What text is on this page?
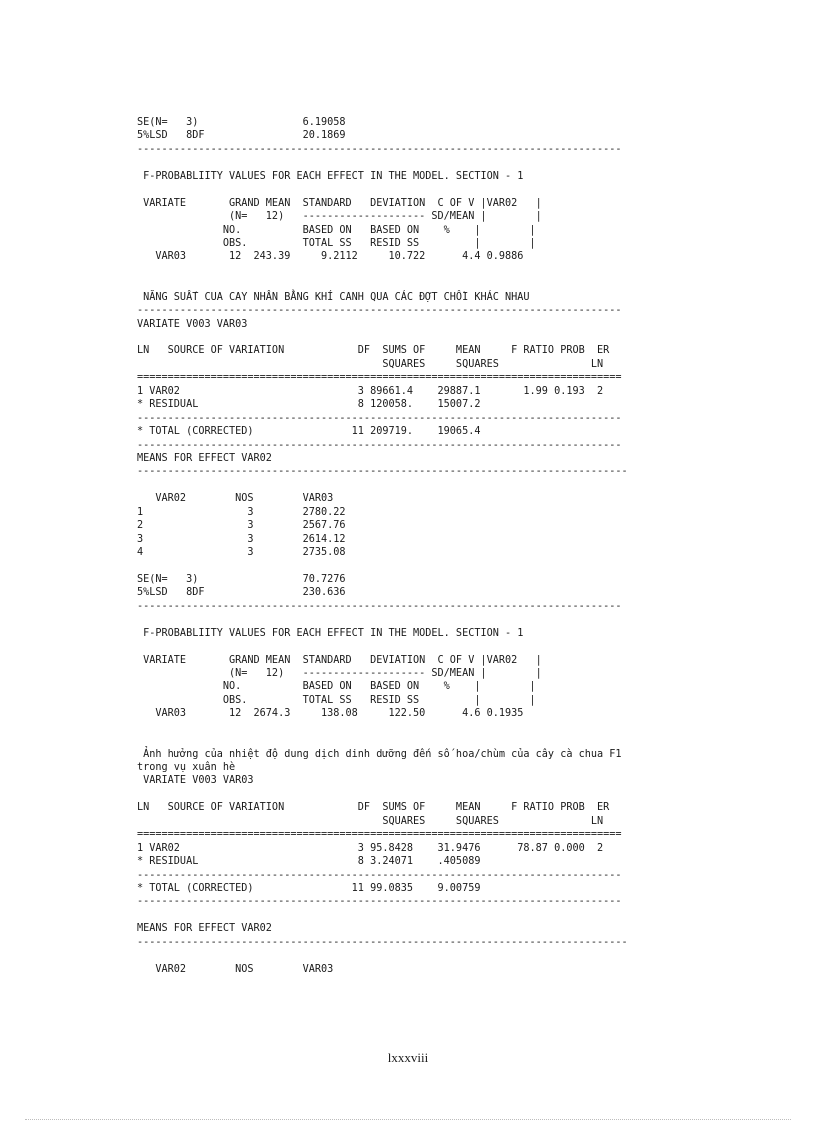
SE(N=   3)                 6.19058
5%LSD   8DF                20.1869
-------------------------------------------------------------------------------

F-PROBABLIITY VALUES FOR EACH EFFECT IN THE MODEL. SECTION - 1

VARIATE       GRAND MEAN  STANDARD   DEVIATION  C OF V |VAR02   |
(N=   12)   -------------------- SD/MEAN |        |
NO.          BASED ON   BASED ON    %    |        |
OBS.         TOTAL SS   RESID SS         |        |
VAR03       12  243.39     9.2112     10.722      4.4 0.9886

NĂNG SUẤT CUA CAY NHÂN BẰNG KHÍ CANH QUA CÁC ĐỢT CHỒI KHÁC NHAU
-------------------------------------------------------------------------------
VARIATE V003 VAR03

LN   SOURCE OF VARIATION            DF  SUMS OF     MEAN     F RATIO PROB  ER
SQUARES     SQUARES               LN
===============================================================================
1 VAR02                             3 89661.4    29887.1       1.99 0.193  2
* RESIDUAL                          8 120058.    15007.2
-------------------------------------------------------------------------------
* TOTAL (CORRECTED)                11 209719.    19065.4
-------------------------------------------------------------------------------
MEANS FOR EFFECT VAR02
--------------------------------------------------------------------------------

VAR02        NOS        VAR03
1                 3        2780.22
2                 3        2567.76
3                 3        2614.12
4                 3        2735.08

SE(N=   3)                 70.7276
5%LSD   8DF                230.636
-------------------------------------------------------------------------------

F-PROBABLIITY VALUES FOR EACH EFFECT IN THE MODEL. SECTION - 1

VARIATE       GRAND MEAN  STANDARD   DEVIATION  C OF V |VAR02   |
(N=   12)   -------------------- SD/MEAN |        |
NO.          BASED ON   BASED ON    %    |        |
OBS.         TOTAL SS   RESID SS         |        |
VAR03       12  2674.3     138.08     122.50      4.6 0.1935

Ảnh hưởng của nhiệt độ dung dịch dinh dưỡng đến số hoa/chùm của cây cà chua F1
trong vụ xuân hè
VARIATE V003 VAR03

LN   SOURCE OF VARIATION            DF  SUMS OF     MEAN     F RATIO PROB  ER
SQUARES     SQUARES               LN
===============================================================================
1 VAR02                             3 95.8428    31.9476      78.87 0.000  2
* RESIDUAL                          8 3.24071    .405089
-------------------------------------------------------------------------------
* TOTAL (CORRECTED)                11 99.0835    9.00759
-------------------------------------------------------------------------------

MEANS FOR EFFECT VAR02
--------------------------------------------------------------------------------

VAR02        NOS        VAR03
lxxxviii
